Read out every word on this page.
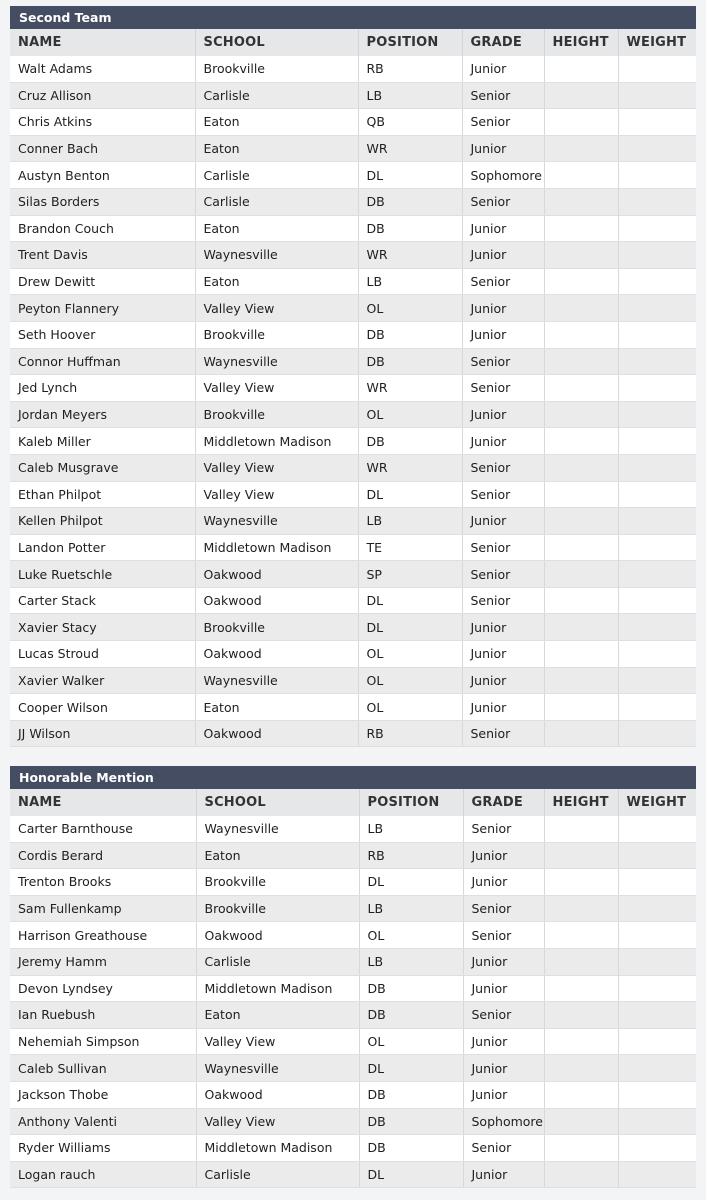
Second Team
NAME	SCHOOL	POSITION	GRADE	HEIGHT	WEIGHT
Walt Adams	Brookville	RB	Junior		
Cruz Allison	Carlisle	LB	Senior		
Chris Atkins	Eaton	QB	Senior		
Conner Bach	Eaton	WR	Junior		
Austyn Benton	Carlisle	DL	Sophomore		
Silas Borders	Carlisle	DB	Senior		
Brandon Couch	Eaton	DB	Junior		
Trent Davis	Waynesville	WR	Junior		
Drew Dewitt	Eaton	LB	Senior		
Peyton Flannery	Valley View	OL	Junior		
Seth Hoover	Brookville	DB	Junior		
Connor Huffman	Waynesville	DB	Senior		
Jed Lynch	Valley View	WR	Senior		
Jordan Meyers	Brookville	OL	Junior		
Kaleb Miller	Middletown Madison	DB	Junior		
Caleb Musgrave	Valley View	WR	Senior		
Ethan Philpot	Valley View	DL	Senior		
Kellen Philpot	Waynesville	LB	Junior		
Landon Potter	Middletown Madison	TE	Senior		
Luke Ruetschle	Oakwood	SP	Senior		
Carter Stack	Oakwood	DL	Senior		
Xavier Stacy	Brookville	DL	Junior		
Lucas Stroud	Oakwood	OL	Junior		
Xavier Walker	Waynesville	OL	Junior		
Cooper Wilson	Eaton	OL	Junior		
JJ Wilson	Oakwood	RB	Senior		
Honorable Mention
NAME	SCHOOL	POSITION	GRADE	HEIGHT	WEIGHT
Carter Barnthouse	Waynesville	LB	Senior		
Cordis Berard	Eaton	RB	Junior		
Trenton Brooks	Brookville	DL	Junior		
Sam Fullenkamp	Brookville	LB	Senior		
Harrison Greathouse	Oakwood	OL	Senior		
Jeremy Hamm	Carlisle	LB	Junior		
Devon Lyndsey	Middletown Madison	DB	Junior		
Ian Ruebush	Eaton	DB	Senior		
Nehemiah Simpson	Valley View	OL	Junior		
Caleb Sullivan	Waynesville	DL	Junior		
Jackson Thobe	Oakwood	DB	Junior		
Anthony Valenti	Valley View	DB	Sophomore		
Ryder Williams	Middletown Madison	DB	Senior		
Logan rauch	Carlisle	DL	Junior		
